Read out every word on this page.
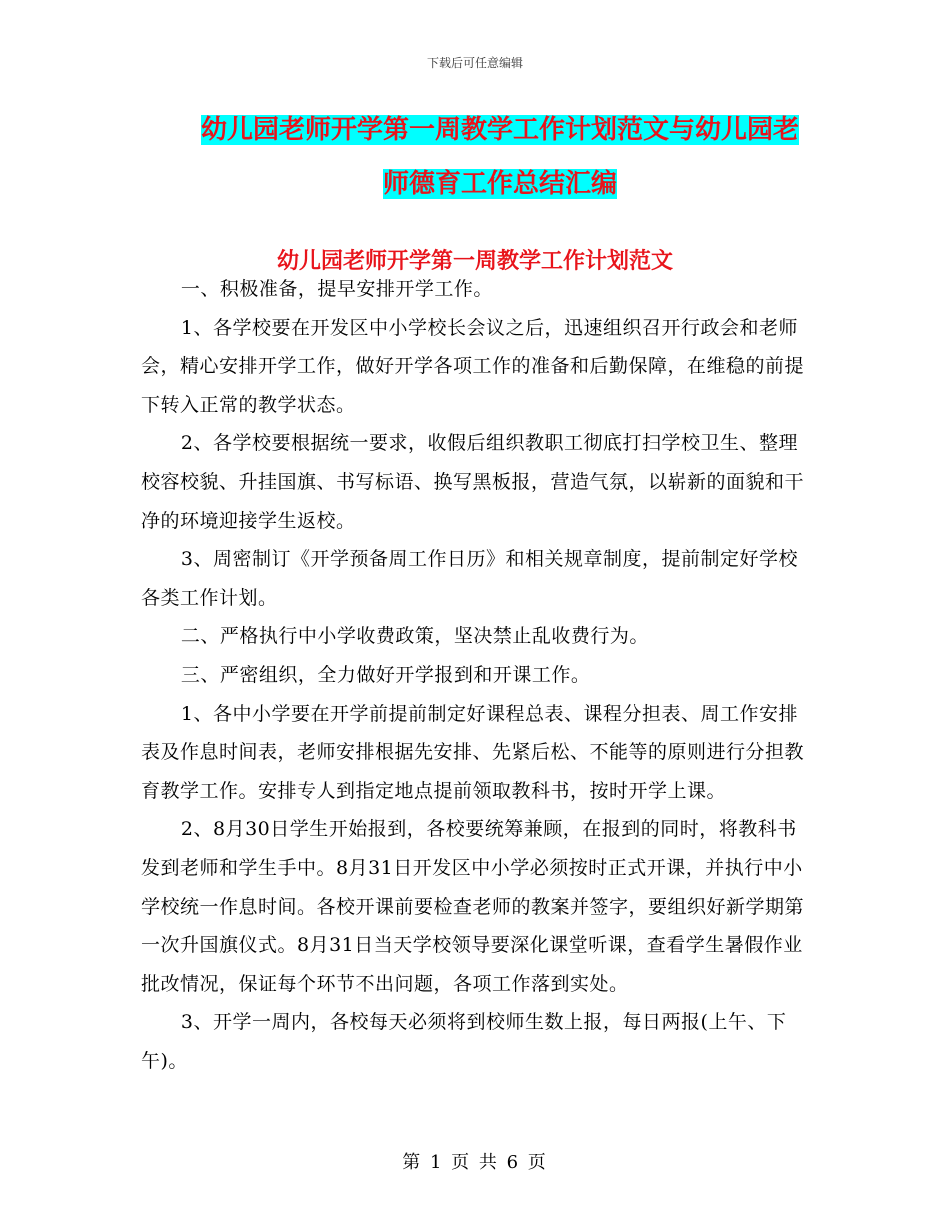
下载后可任意编辑
幼儿园老师开学第一周教学工作计划范文与幼儿园老
师德育工作总结汇编
幼儿园老师开学第一周教学工作计划范文

一、积极准备，提早安排开学工作。

1、各学校要在开发区中小学校长会议之后，迅速组织召开行政会和老师会，精心安排开学工作，做好开学各项工作的准备和后勤保障，在维稳的前提下转入正常的教学状态。

2、各学校要根据统一要求，收假后组织教职工彻底打扫学校卫生、整理校容校貌、升挂国旗、书写标语、换写黑板报，营造气氛，以崭新的面貌和干净的环境迎接学生返校。

3、周密制订《开学预备周工作日历》和相关规章制度，提前制定好学校各类工作计划。

二、严格执行中小学收费政策，坚决禁止乱收费行为。

三、严密组织，全力做好开学报到和开课工作。

1、各中小学要在开学前提前制定好课程总表、课程分担表、周工作安排表及作息时间表，老师安排根据先安排、先紧后松、不能等的原则进行分担教育教学工作。安排专人到指定地点提前领取教科书，按时开学上课。

2、8月30日学生开始报到，各校要统筹兼顾，在报到的同时，将教科书发到老师和学生手中。8月31日开发区中小学必须按时正式开课，并执行中小学校统一作息时间。各校开课前要检查老师的教案并签字，要组织好新学期第一次升国旗仪式。8月31日当天学校领导要深化课堂听课，查看学生暑假作业批改情况，保证每个环节不出问题，各项工作落到实处。

3、开学一周内，各校每天必须将到校师生数上报，每日两报(上午、下午)。

第 1 页 共 6 页
